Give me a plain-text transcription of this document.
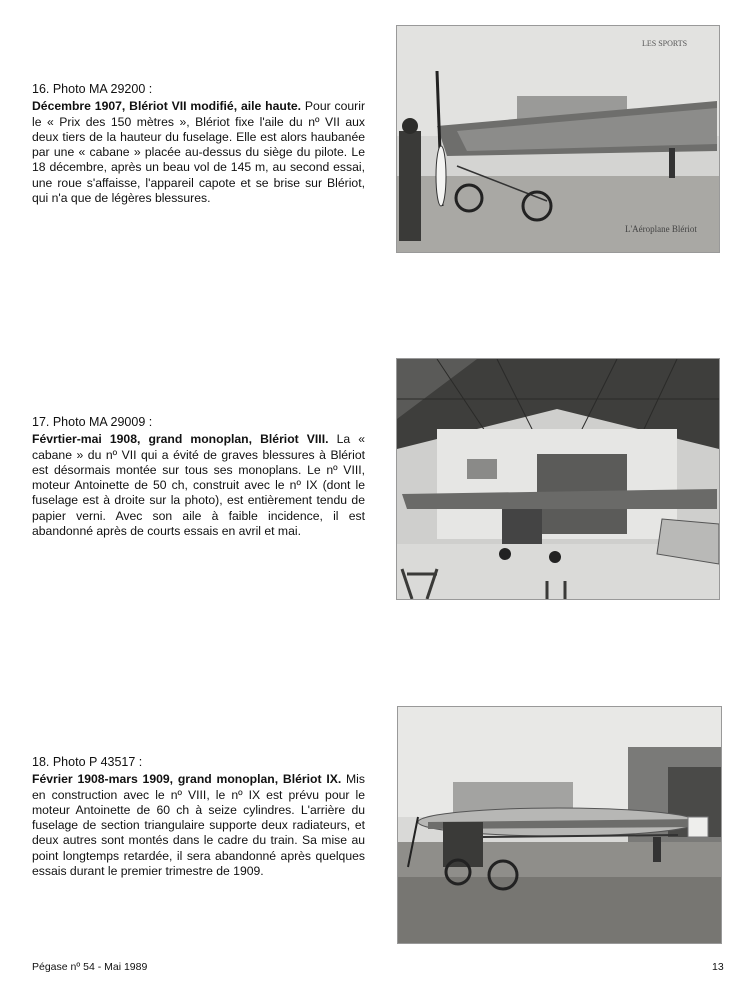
16. Photo MA 29200 :

Décembre 1907, Blériot VII modifié, aile haute. Pour courir le « Prix des 150 mètres », Blériot fixe l'aile du nº VII aux deux tiers de la hauteur du fuselage. Elle est alors haubanée par une « cabane » placée au-dessus du siège du pilote. Le 18 décembre, après un beau vol de 145 m, au second essai, une roue s'affaisse, l'appareil capote et se brise sur Blériot, qui n'a que de légères blessures.

LES SPORTS
L'Aéroplane Blériot

17. Photo MA 29009 :

Févrtier-mai 1908, grand monoplan, Blériot VIII. La « cabane » du nº VII qui a évité de graves blessures à Blériot est désormais montée sur tous ses monoplans. Le nº VIII, moteur Antoinette de 50 ch, construit avec le nº IX (dont le fuselage est à droite sur la photo), est entièrement tendu de papier verni. Avec son aile à faible incidence, il est abandonné après de courts essais en avril et mai.

18. Photo P 43517 :

Février 1908-mars 1909, grand monoplan, Blériot IX. Mis en construction avec le nº VIII, le nº IX est prévu pour le moteur Antoinette de 60 ch à seize cylindres. L'arrière du fuselage de section triangulaire supporte deux radiateurs, et deux autres sont montés dans le cadre du train. Sa mise au point longtemps retardée, il sera abandonné après quelques essais durant le premier trimestre de 1909.

Pégase nº 54 - Mai 1989	13
